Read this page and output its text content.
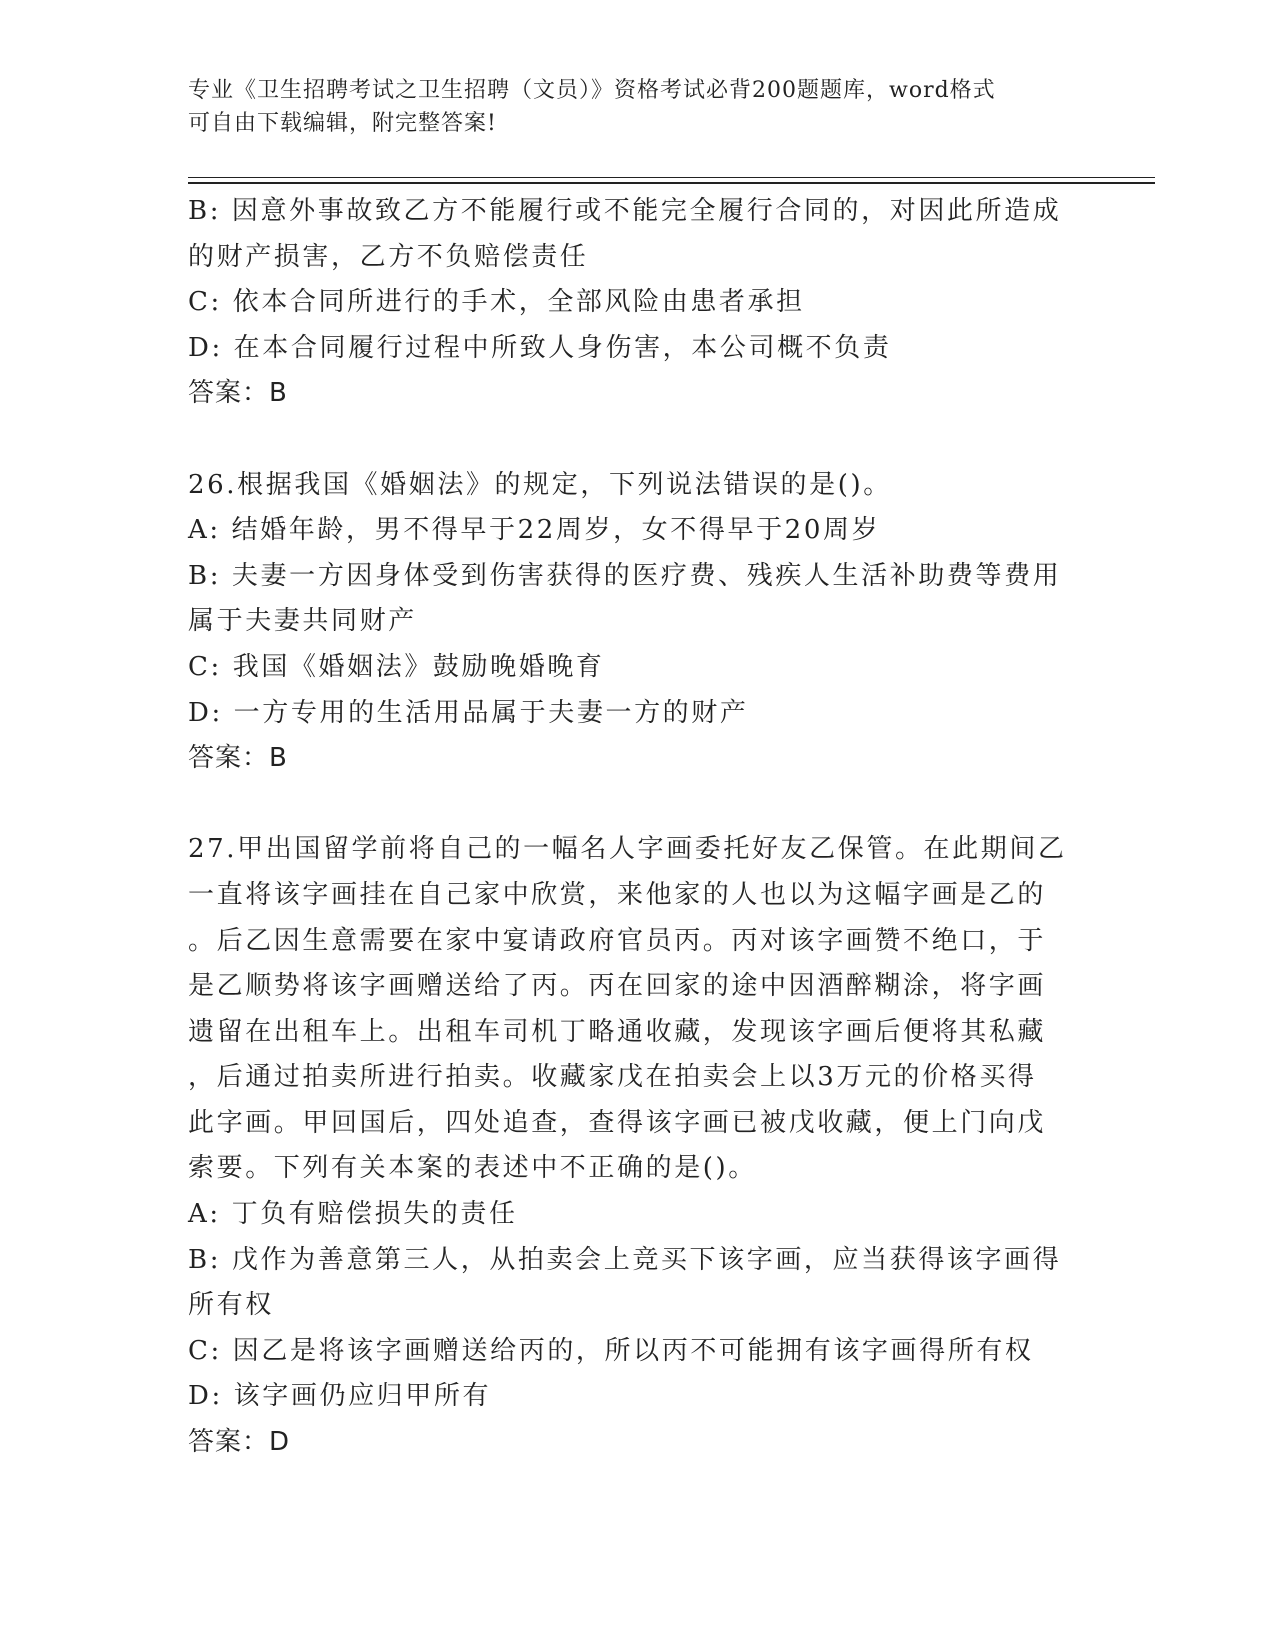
专业《卫生招聘考试之卫生招聘（文员）》资格考试必背200题题库，word格式
可自由下载编辑，附完整答案!
B: 因意外事故致乙方不能履行或不能完全履行合同的，对因此所造成
的财产损害，乙方不负赔偿责任
C: 依本合同所进行的手术，全部风险由患者承担
D: 在本合同履行过程中所致人身伤害，本公司概不负责
答案：B
26.根据我国《婚姻法》的规定，下列说法错误的是()。
A: 结婚年龄，男不得早于22周岁，女不得早于20周岁
B: 夫妻一方因身体受到伤害获得的医疗费、残疾人生活补助费等费用
属于夫妻共同财产
C: 我国《婚姻法》鼓励晚婚晚育
D: 一方专用的生活用品属于夫妻一方的财产
答案：B
27.甲出国留学前将自己的一幅名人字画委托好友乙保管。在此期间乙
一直将该字画挂在自己家中欣赏，来他家的人也以为这幅字画是乙的
。后乙因生意需要在家中宴请政府官员丙。丙对该字画赞不绝口，于
是乙顺势将该字画赠送给了丙。丙在回家的途中因酒醉糊涂，将字画
遗留在出租车上。出租车司机丁略通收藏，发现该字画后便将其私藏
，后通过拍卖所进行拍卖。收藏家戊在拍卖会上以3万元的价格买得
此字画。甲回国后，四处追查，查得该字画已被戊收藏，便上门向戊
索要。下列有关本案的表述中不正确的是()。
A: 丁负有赔偿损失的责任
B: 戊作为善意第三人，从拍卖会上竞买下该字画，应当获得该字画得
所有权
C: 因乙是将该字画赠送给丙的，所以丙不可能拥有该字画得所有权
D: 该字画仍应归甲所有
答案：D
